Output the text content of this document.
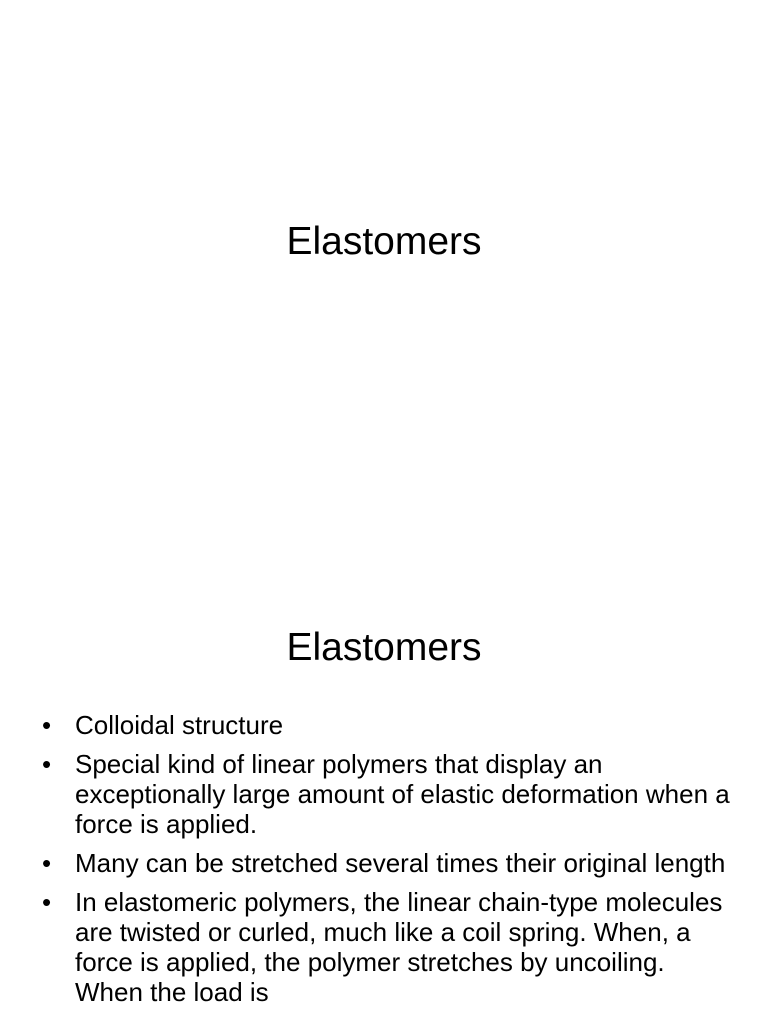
Elastomers
Elastomers
• Colloidal structure
• Special kind of linear polymers that display an exceptionally large amount of elastic deformation when a force is applied.
• Many can be stretched several times their original length
• In elastomeric polymers, the linear chain-type molecules are twisted or curled, much like a coil spring. When, a force is applied, the polymer stretches by uncoiling. When the load is
